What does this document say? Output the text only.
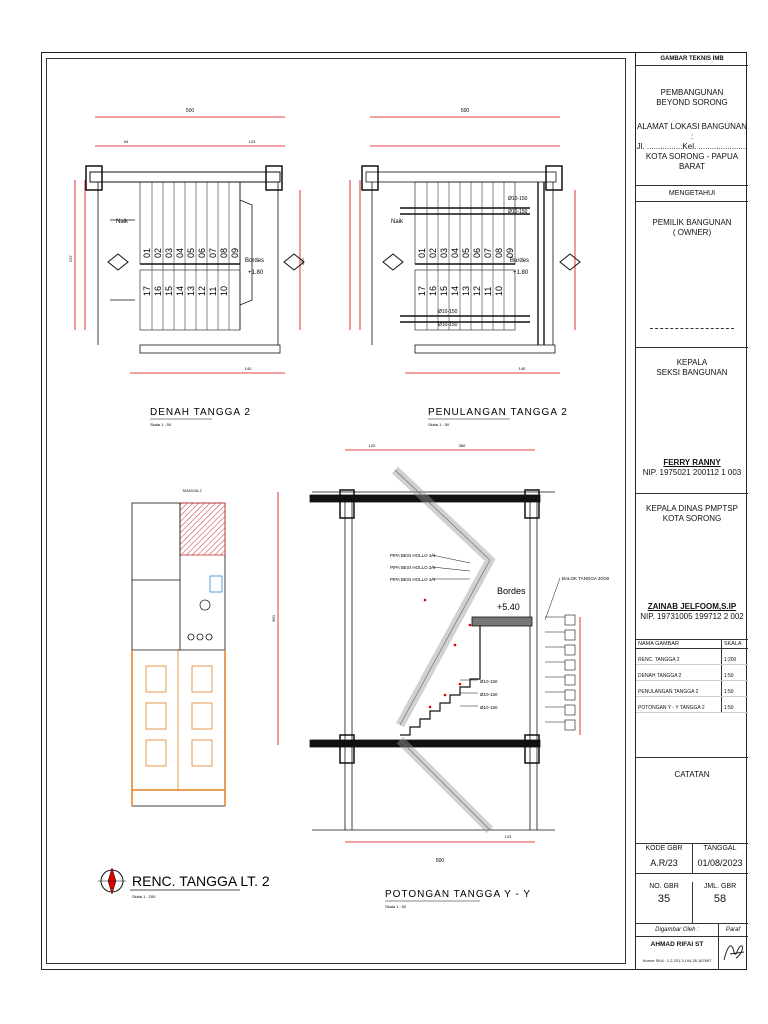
GAMBAR TEKNIS IMB
PEMBANGUNAN
BEYOND SORONG
ALAMAT LOKASI BANGUNAN :
Jl. ................Kel. ......................
KOTA SORONG - PAPUA BARAT
MENGETAHUI
PEMILIK BANGUNAN
( OWNER)
KEPALA
SEKSI BANGUNAN
FERRY RANNY
NIP. 1975021 200112 1 003
KEPALA DINAS PMPTSP
KOTA SORONG
ZAINAB JELFOOM,S.IP
NIP. 19731005 199712 2 002
NAMA GAMBAR	SKALA
RENC. TANGGA 2	1:200
DENAH TANGGA 2	1:50
PENULANGAN TANGGA 2	1:50
POTONGAN Y - Y TANGGA 2	1:50
CATATAN
KODE GBR
A.R/23
TANGGAL
01/08/2023
NO. GBR
35
JML. GBR
58
Digambar Oleh :	Paraf
AHMAD RIFAI ST
Nomor SKA : 1.2.201.3.194.26.167697
500
94	123
140
237	250
Naik
Bordes
+1.80
01 02 03 04 05 06 07 08 09
17 16 15 14 13 12 11 10
DENAH TANGGA 2
Skala 1 : 50
500
Naik
Ø10-150
Ø10-150
Ø10-150
Ø10-150
140
Bordes
+1.80
01 02 03 04 05 06 07 08 09
17 16 15 14 13 12 11 10
PENULANGAN TANGGA 2
Skala 1 : 50
TANGGA 2
RENC. TANGGA LT. 2
Skala 1 : 200
120	380
360
PIPA BESI HOLLO 4/4
PIPA BESI HOLLO 2/4
PIPA BESI HOLLO 4/4
Bordes
+5.40
BALOK TANGGA 20/30
Ø10-150
Ø10-150
Ø10-150
500
123
POTONGAN TANGGA Y - Y
Skala 1 : 50
